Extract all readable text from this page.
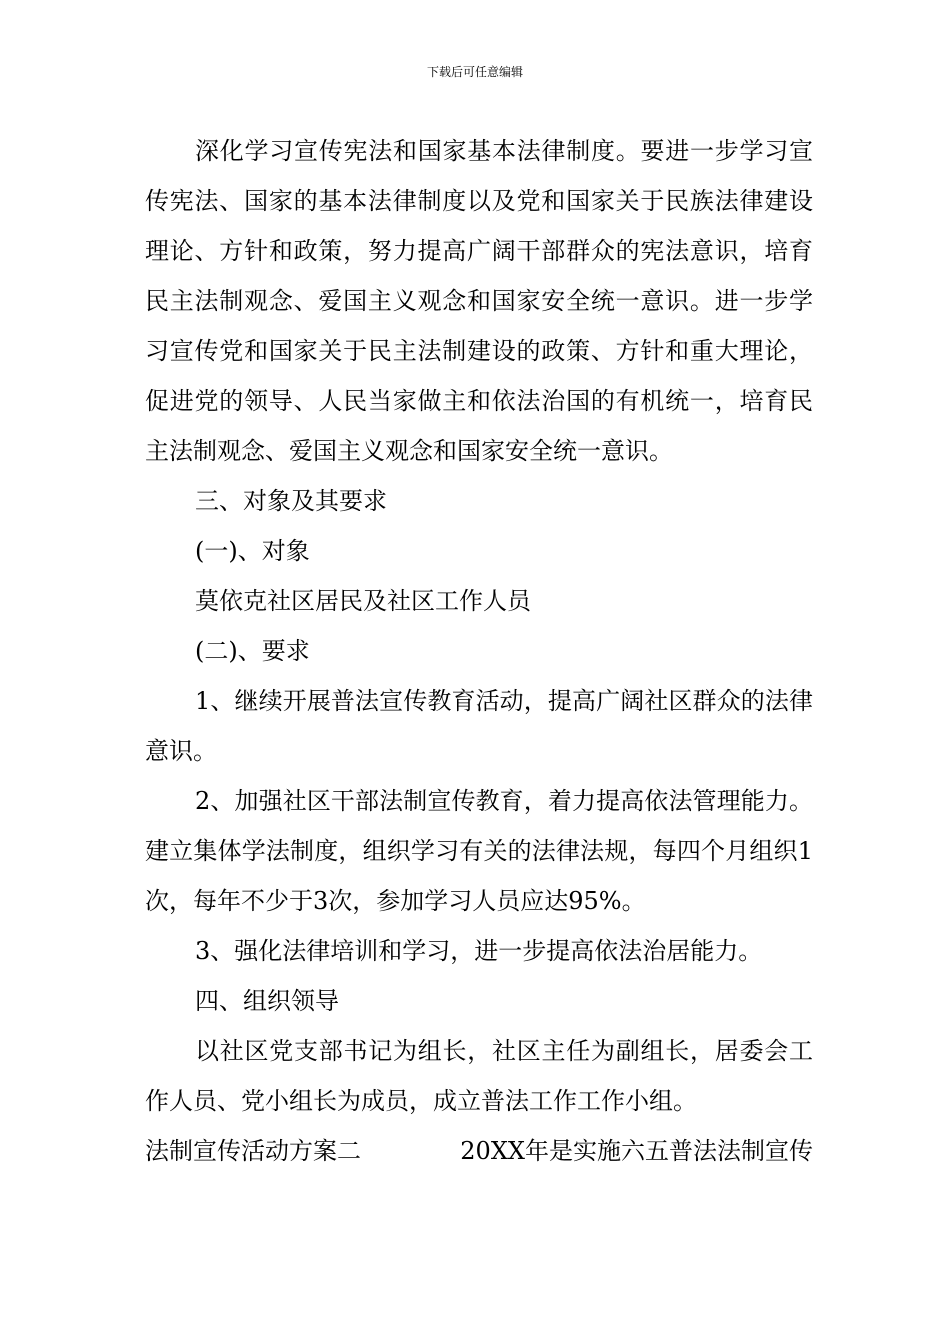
下载后可任意编辑

深化学习宣传宪法和国家基本法律制度。要进一步学习宣传宪法、国家的基本法律制度以及党和国家关于民族法律建设理论、方针和政策，努力提高广阔干部群众的宪法意识，培育民主法制观念、爱国主义观念和国家安全统一意识。进一步学习宣传党和国家关于民主法制建设的政策、方针和重大理论，促进党的领导、人民当家做主和依法治国的有机统一，培育民主法制观念、爱国主义观念和国家安全统一意识。

三、对象及其要求

(一)、对象

莫依克社区居民及社区工作人员

(二)、要求

1、继续开展普法宣传教育活动，提高广阔社区群众的法律意识。

2、加强社区干部法制宣传教育，着力提高依法管理能力。建立集体学法制度，组织学习有关的法律法规，每四个月组织1次，每年不少于3次，参加学习人员应达95%。

3、强化法律培训和学习，进一步提高依法治居能力。

四、组织领导

以社区党支部书记为组长，社区主任为副组长，居委会工作人员、党小组长为成员，成立普法工作工作小组。

法制宣传活动方案二	20XX年是实施六五普法法制宣传
